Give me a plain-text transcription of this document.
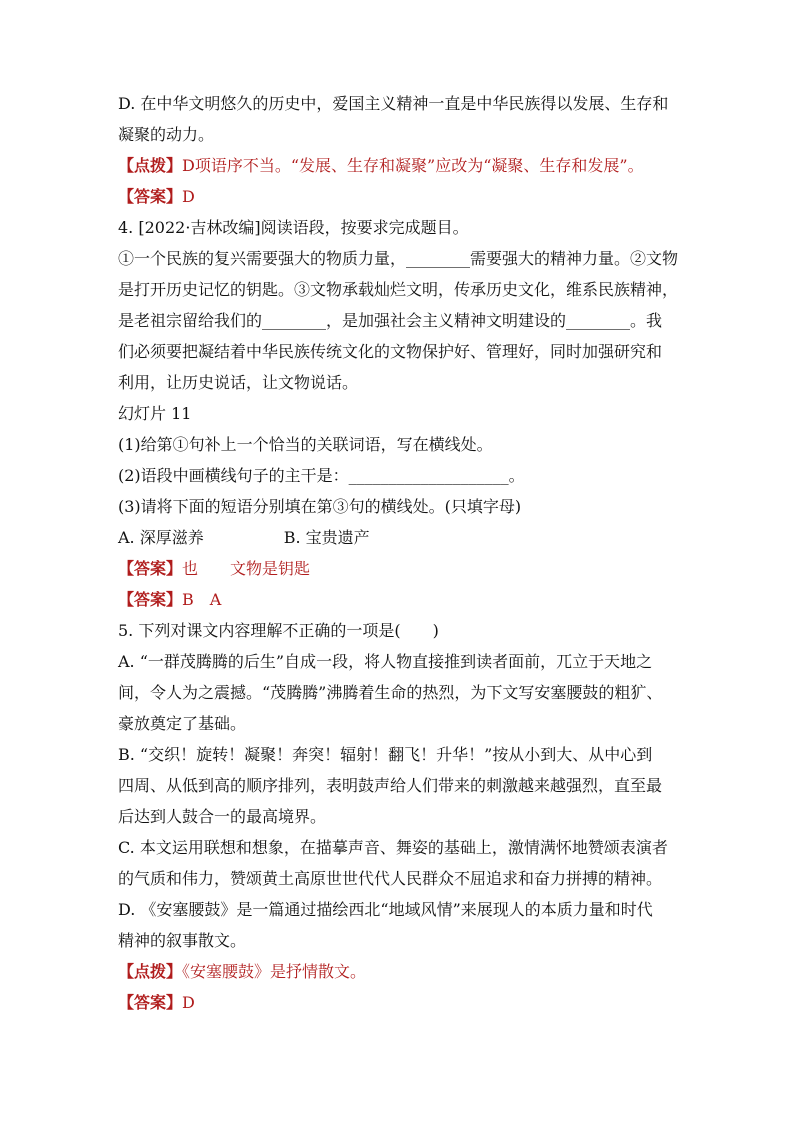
D. 在中华文明悠久的历史中，爱国主义精神一直是中华民族得以发展、生存和
凝聚的动力。
【点拨】D项语序不当。“发展、生存和凝聚”应改为“凝聚、生存和发展”。
【答案】D
4. [2022·吉林改编]阅读语段，按要求完成题目。
①一个民族的复兴需要强大的物质力量，________需要强大的精神力量。②文物
是打开历史记忆的钥匙。③文物承载灿烂文明，传承历史文化，维系民族精神，
是老祖宗留给我们的________，是加强社会主义精神文明建设的________。我
们必须要把凝结着中华民族传统文化的文物保护好、管理好，同时加强研究和
利用，让历史说话，让文物说话。
幻灯片 11
(1)给第①句补上一个恰当的关联词语，写在横线处。
(2)语段中画横线句子的主干是：____________________。
(3)请将下面的短语分别填在第③句的横线处。(只填字母)
A. 深厚滋养	B. 宝贵遗产
【答案】也 文物是钥匙
【答案】B A
5. 下列对课文内容理解不正确的一项是(　　)
A. “一群茂腾腾的后生”自成一段，将人物直接推到读者面前，兀立于天地之
间，令人为之震撼。“茂腾腾”沸腾着生命的热烈，为下文写安塞腰鼓的粗犷、
豪放奠定了基础。
B. “交织！旋转！凝聚！奔突！辐射！翻飞！升华！”按从小到大、从中心到
四周、从低到高的顺序排列，表明鼓声给人们带来的刺激越来越强烈，直至最
后达到人鼓合一的最高境界。
C. 本文运用联想和想象，在描摹声音、舞姿的基础上，激情满怀地赞颂表演者
的气质和伟力，赞颂黄土高原世世代代人民群众不屈追求和奋力拼搏的精神。
D. 《安塞腰鼓》是一篇通过描绘西北“地域风情”来展现人的本质力量和时代
精神的叙事散文。
【点拨】《安塞腰鼓》是抒情散文。
【答案】D
